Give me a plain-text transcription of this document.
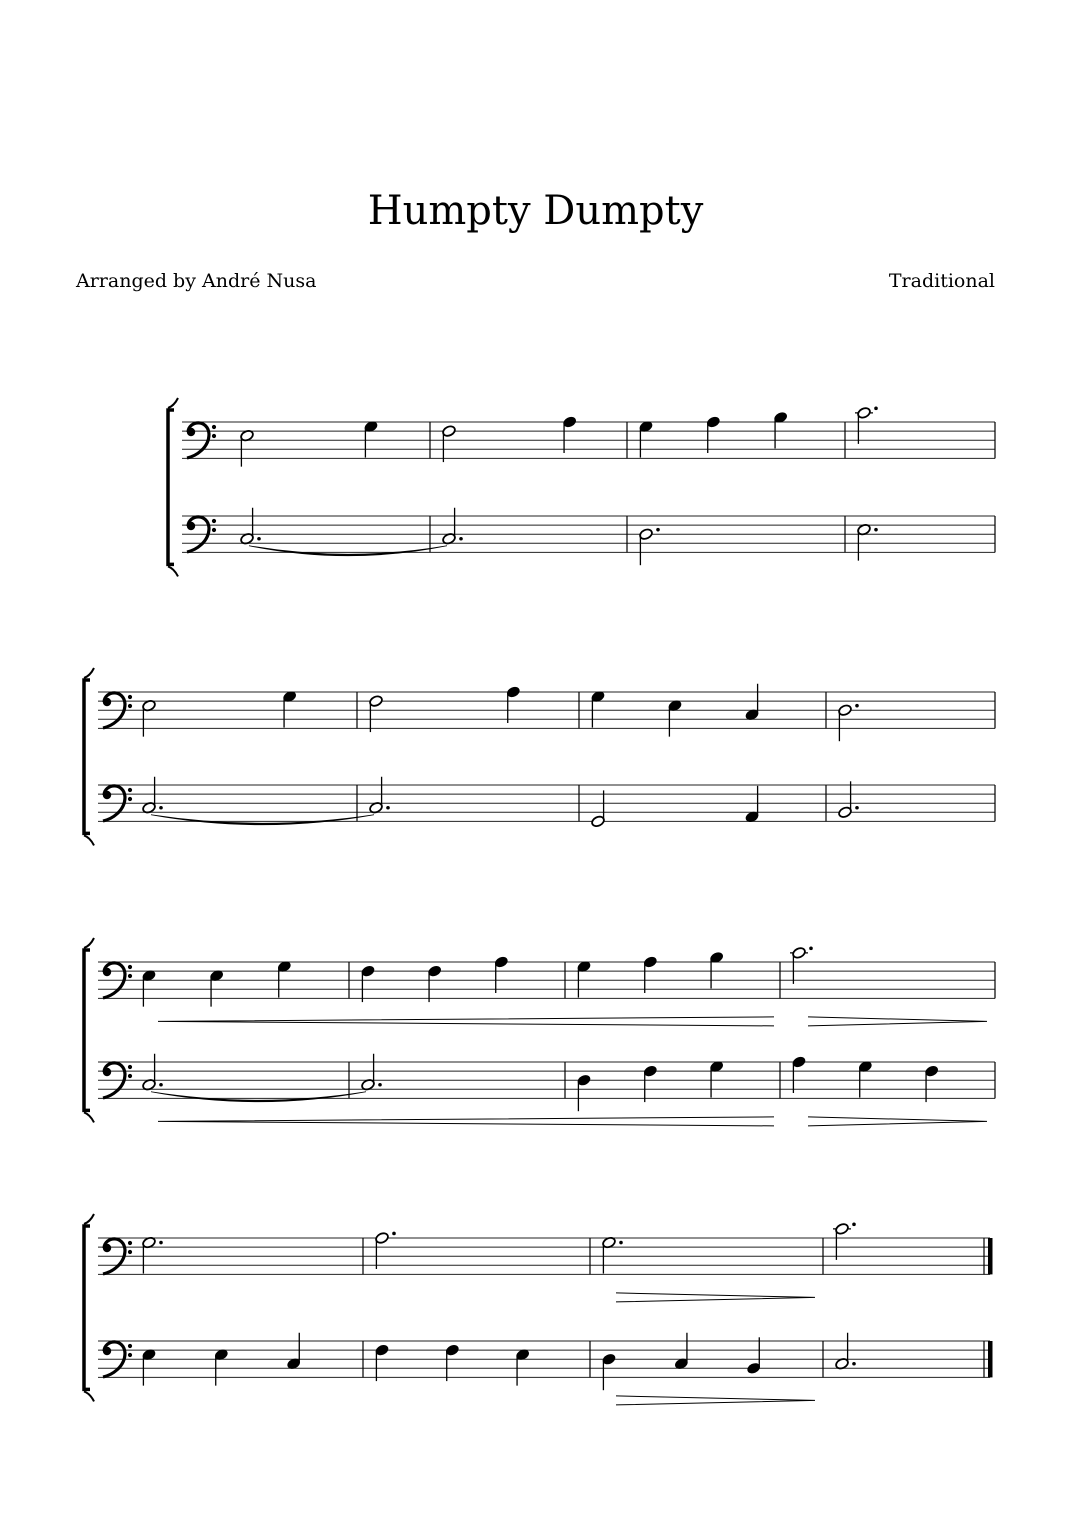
Humpty Dumpty
Arranged by André Nusa	Traditional
